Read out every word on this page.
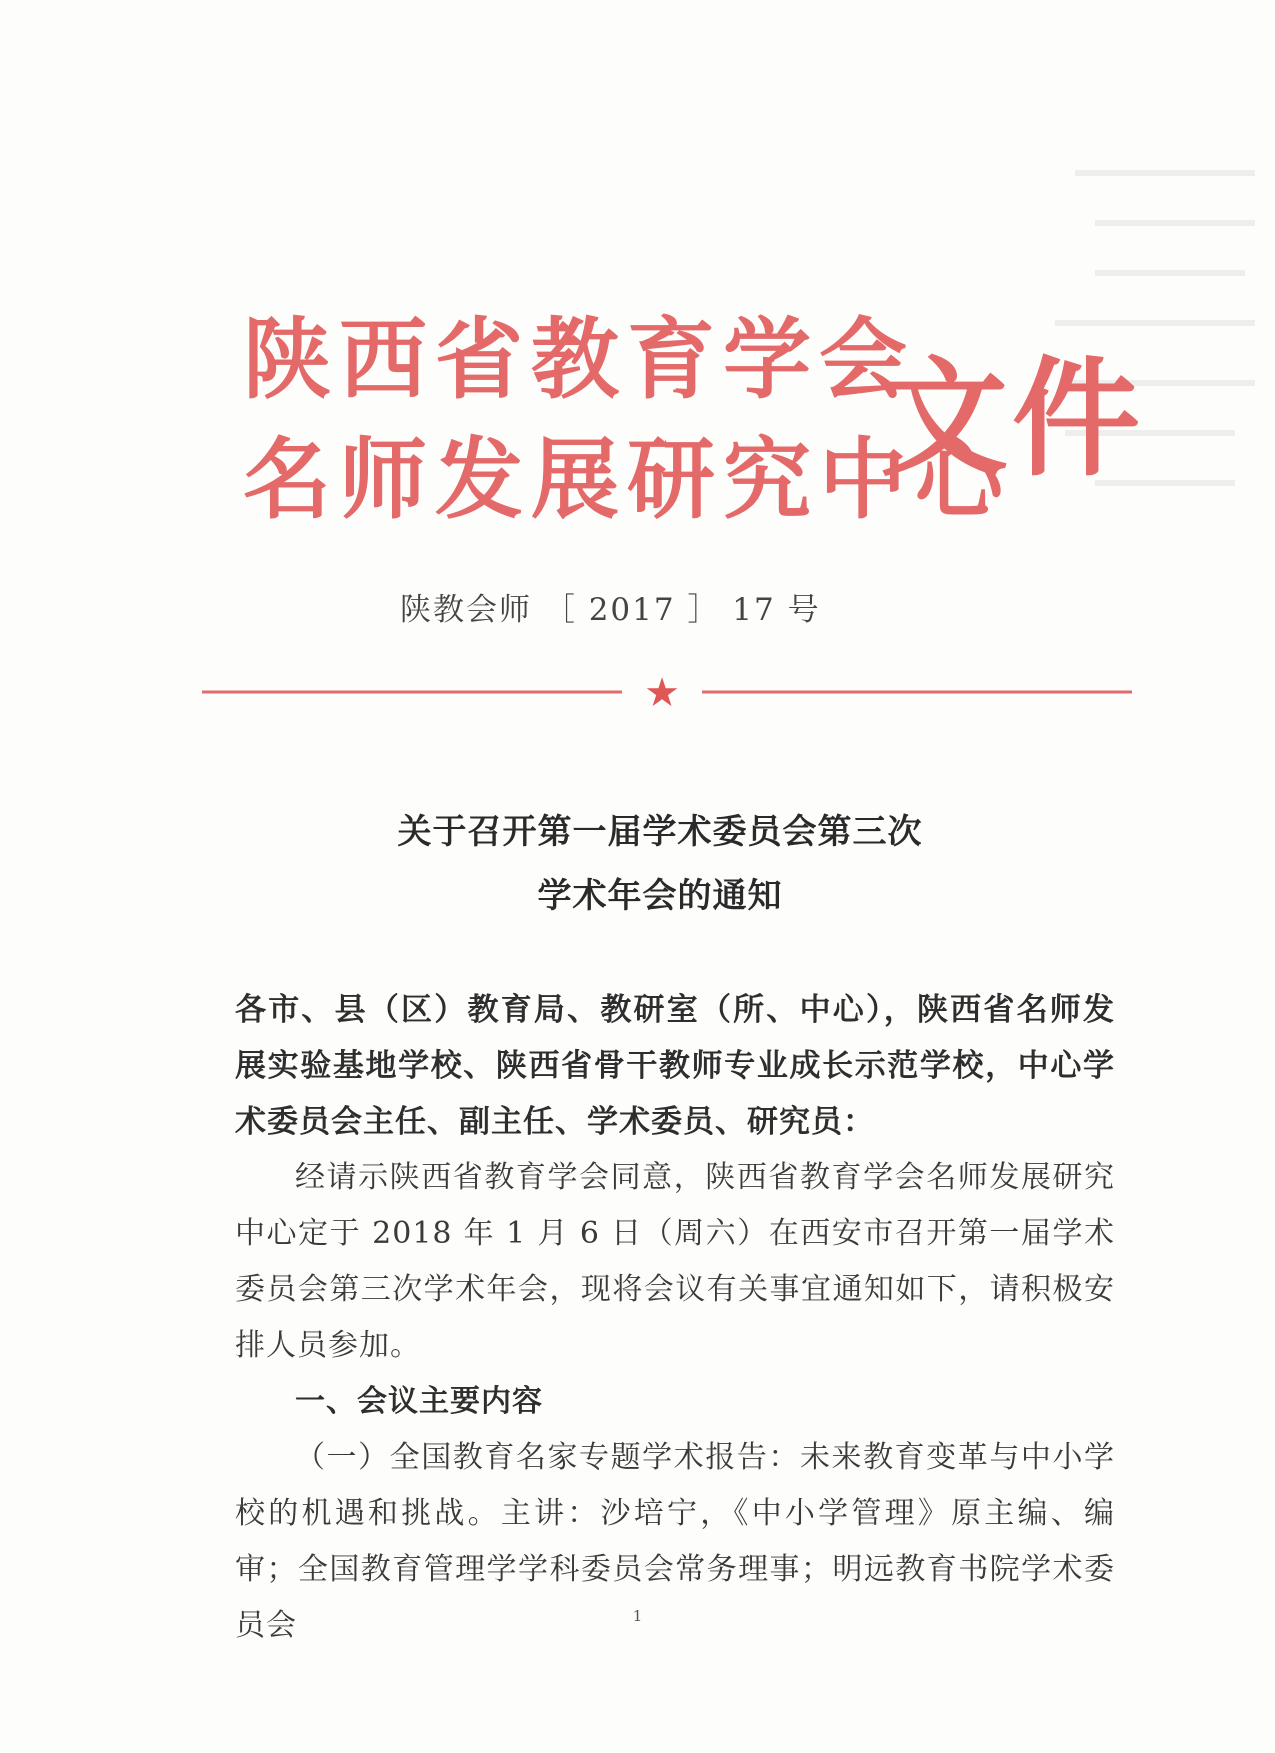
陕西省教育学会
名师发展研究中心
文件
陕教会师 ［ 2017 ］ 17 号
★
关于召开第一届学术委员会第三次
学术年会的通知

各市、县（区）教育局、教研室（所、中心），陕西省名师发展实验基地学校、陕西省骨干教师专业成长示范学校，中心学术委员会主任、副主任、学术委员、研究员：

经请示陕西省教育学会同意，陕西省教育学会名师发展研究中心定于 2018 年 1 月 6 日（周六）在西安市召开第一届学术委员会第三次学术年会，现将会议有关事宜通知如下，请积极安排人员参加。

一、会议主要内容

（一）全国教育名家专题学术报告：未来教育变革与中小学校的机遇和挑战。主讲：沙培宁，《中小学管理》原主编、编审；全国教育管理学学科委员会常务理事；明远教育书院学术委员会	1
